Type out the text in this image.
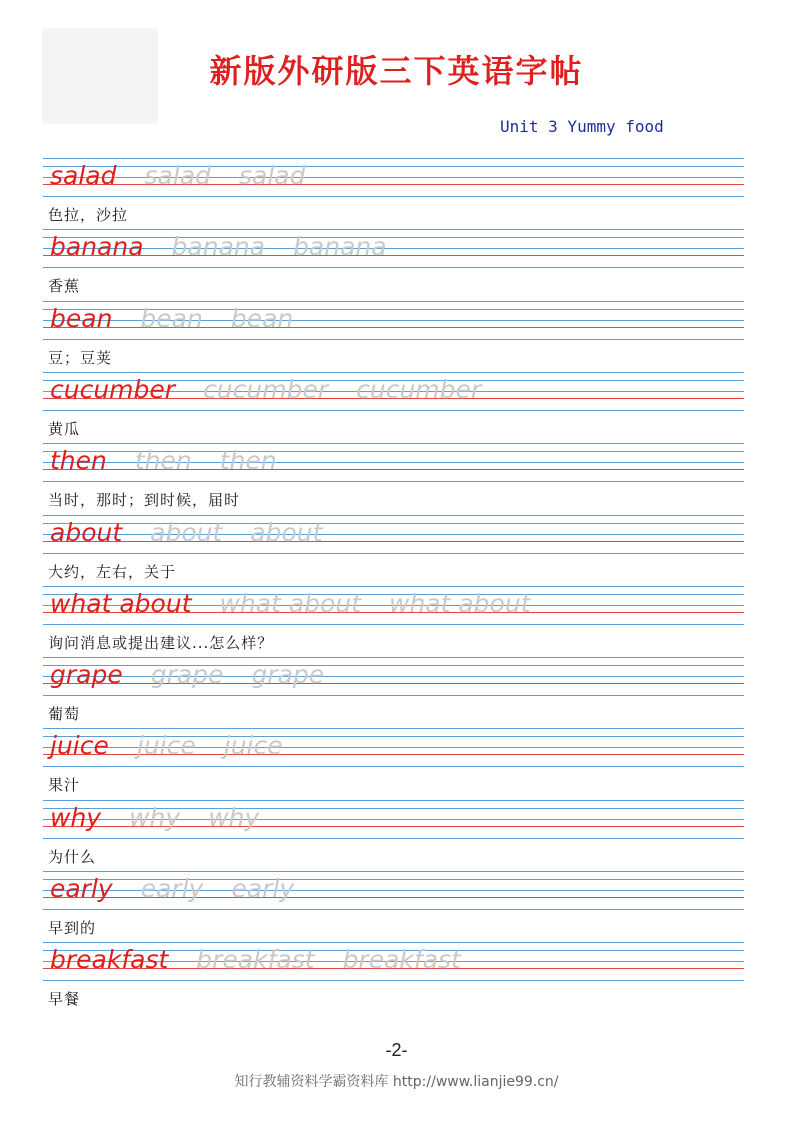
新版外研版三下英语字帖
Unit 3 Yummy food
salad salad salad
色拉，沙拉
banana banana banana
香蕉
bean bean bean
豆；豆荚
cucumber cucumber cucumber
黄瓜
then then then
当时，那时；到时候，届时
about about about
大约，左右，关于
what about what about what about
询问消息或提出建议...怎么样？
grape grape grape
葡萄
juice juice juice
果汁
why why why
为什么
early early early
早到的
breakfast breakfast breakfast
早餐
-2-
知行教辅资料学霸资料库 http://www.lianjie99.cn/
